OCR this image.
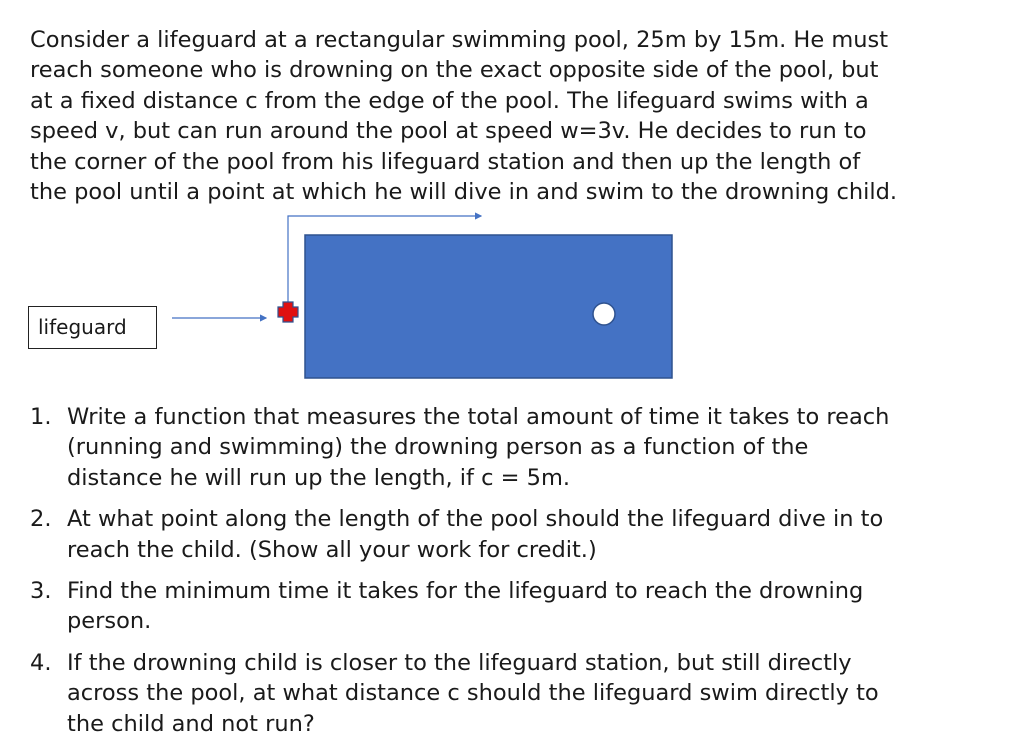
Consider a lifeguard at a rectangular swimming pool, 25m by 15m. He must
reach someone who is drowning on the exact opposite side of the pool, but
at a fixed distance c from the edge of the pool. The lifeguard swims with a
speed v, but can run around the pool at speed w=3v. He decides to run to
the corner of the pool from his lifeguard station and then up the length of
the pool until a point at which he will dive in and swim to the drowning child.

lifeguard
1. Write a function that measures the total amount of time it takes to reach
(running and swimming) the drowning person as a function of the
distance he will run up the length, if c = 5m.
2. At what point along the length of the pool should the lifeguard dive in to
reach the child. (Show all your work for credit.)
3. Find the minimum time it takes for the lifeguard to reach the drowning
person.
4. If the drowning child is closer to the lifeguard station, but still directly
across the pool, at what distance c should the lifeguard swim directly to
the child and not run?
